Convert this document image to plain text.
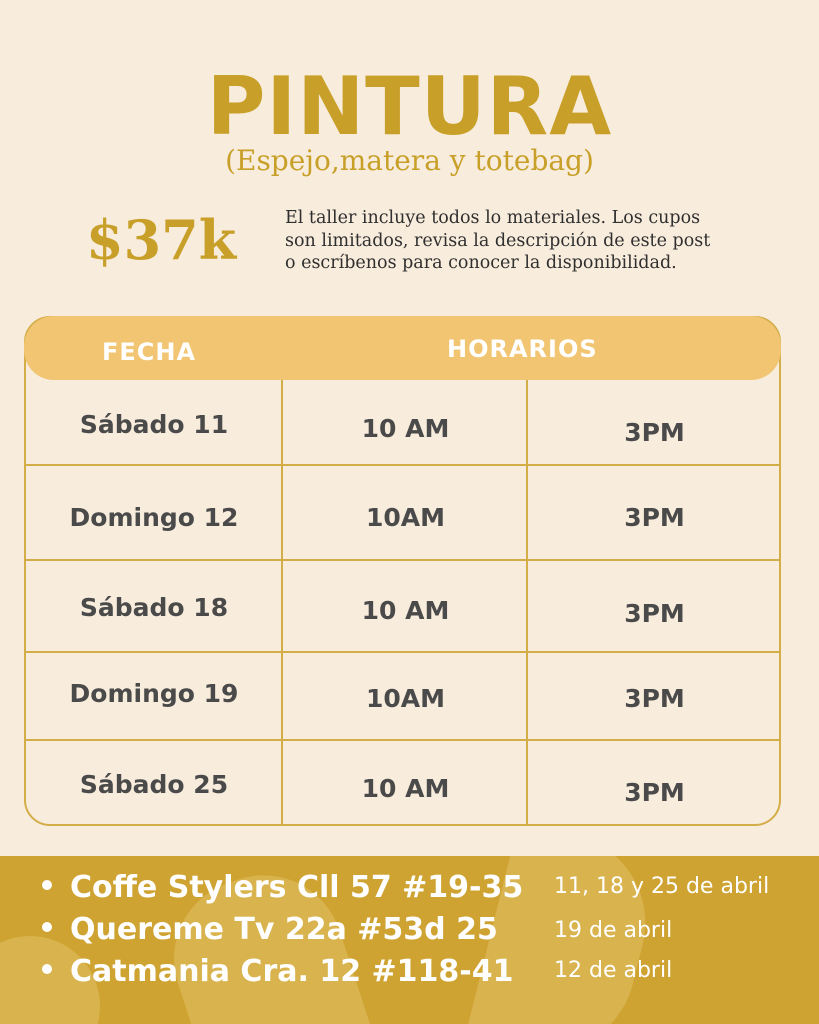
PINTURA
(Espejo,matera y totebag)
$37k	El taller incluye todos lo materiales. Los cupos
son limitados, revisa la descripción de este post
o escríbenos para conocer la disponibilidad.
FECHA	HORARIOS
Sábado 11	10 AM	3PM
Domingo 12	10AM	3PM
Sábado 18	10 AM	3PM
Domingo 19	10AM	3PM
Sábado 25	10 AM	3PM
Coffe Stylers Cll 57 #19-35 11, 18 y 25 de abril
Quereme Tv 22a #53d 25	19 de abril
Catmania Cra. 12 #118-41 12 de abril
